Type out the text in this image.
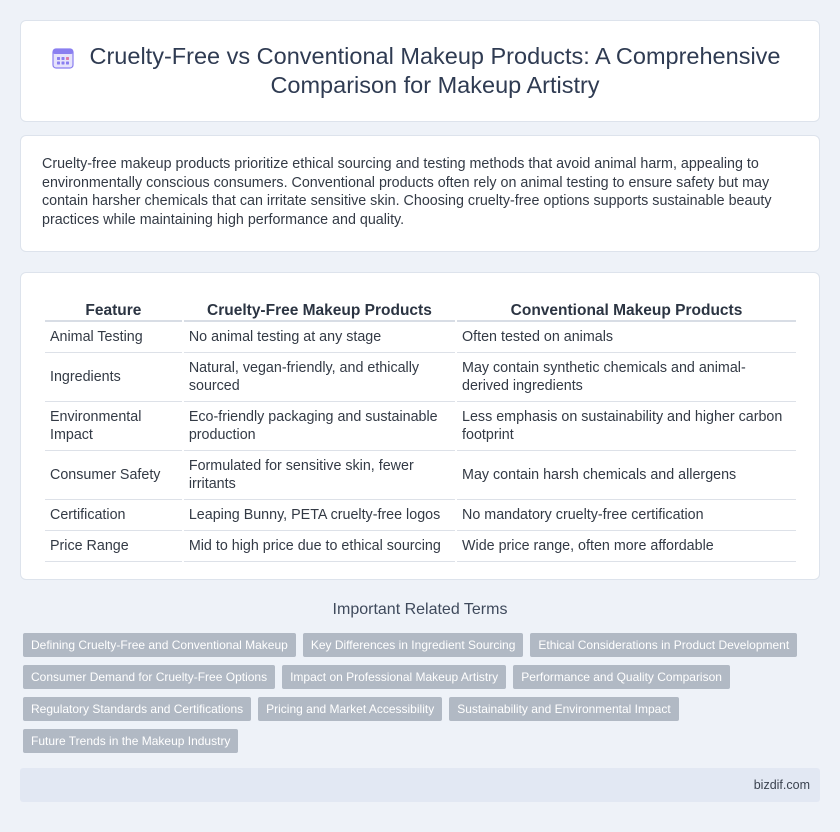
Cruelty-Free vs Conventional Makeup Products: A Comprehensive Comparison for Makeup Artistry

Cruelty-free makeup products prioritize ethical sourcing and testing methods that avoid animal harm, appealing to environmentally conscious consumers. Conventional products often rely on animal testing to ensure safety but may contain harsher chemicals that can irritate sensitive skin. Choosing cruelty-free options supports sustainable beauty practices while maintaining high performance and quality.

Feature	Cruelty-Free Makeup Products	Conventional Makeup Products
Animal Testing	No animal testing at any stage	Often tested on animals
Ingredients	Natural, vegan-friendly, and ethically sourced	May contain synthetic chemicals and animal-derived ingredients
Environmental Impact	Eco-friendly packaging and sustainable production	Less emphasis on sustainability and higher carbon footprint
Consumer Safety	Formulated for sensitive skin, fewer irritants	May contain harsh chemicals and allergens
Certification	Leaping Bunny, PETA cruelty-free logos	No mandatory cruelty-free certification
Price Range	Mid to high price due to ethical sourcing	Wide price range, often more affordable
Important Related Terms
Defining Cruelty-Free and Conventional Makeup	Key Differences in Ingredient Sourcing	Ethical Considerations in Product Development
Consumer Demand for Cruelty-Free Options	Impact on Professional Makeup Artistry	Performance and Quality Comparison
Regulatory Standards and Certifications	Pricing and Market Accessibility	Sustainability and Environmental Impact
Future Trends in the Makeup Industry
bizdif.com
